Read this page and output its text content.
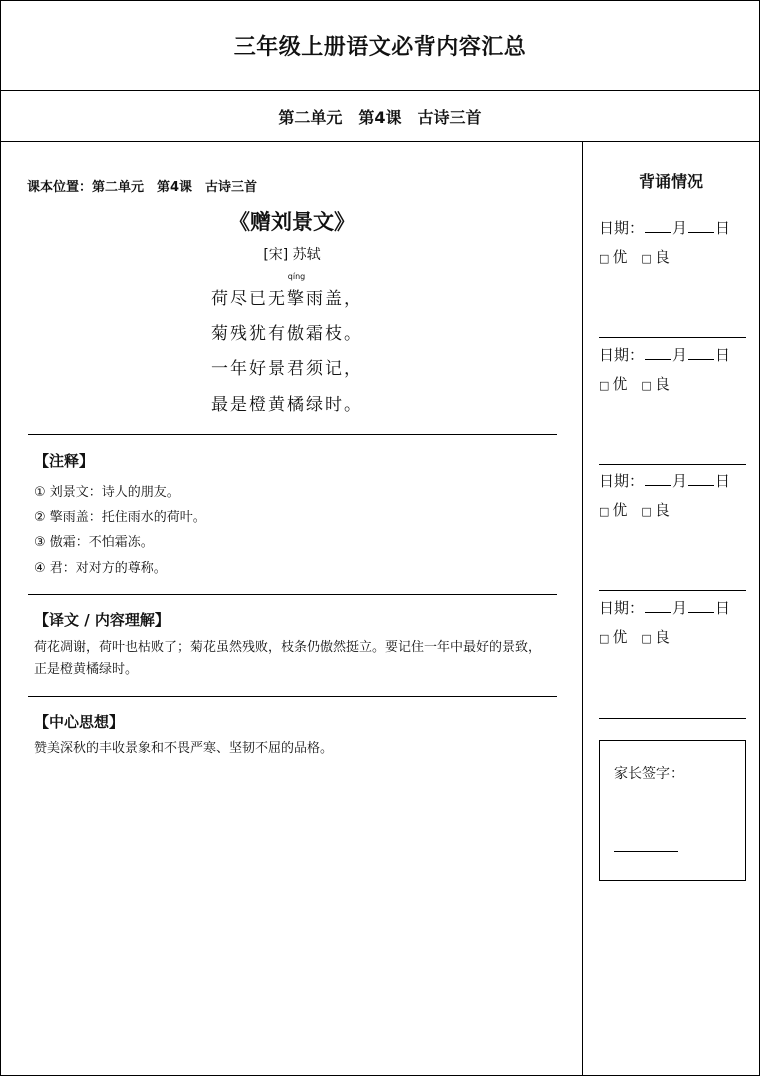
三年级上册语文必背内容汇总
第二单元　第4课　古诗三首
课本位置：第二单元　第4课　古诗三首
《赠刘景文》
[宋] 苏轼
荷尽已无
qíng
擎雨盖，
菊残犹有傲霜枝。
一年好景君须记，
最是橙黄橘绿时。
【注释】
① 刘景文：诗人的朋友。
② 擎雨盖：托住雨水的荷叶。
③ 傲霜：不怕霜冻。
④ 君：对对方的尊称。
【译文 / 内容理解】
荷花凋谢，荷叶也枯败了；菊花虽然残败，枝条仍傲然挺立。要记住一年中最好的景致，正是橙黄橘绿时。
【中心思想】
赞美深秋的丰收景象和不畏严寒、坚韧不屈的品格。
背诵情况
日期： 月 日
□ 优 □ 良
日期： 月 日
□ 优 □ 良
日期： 月 日
□ 优 □ 良
日期： 月 日
□ 优 □ 良
家长签字：
